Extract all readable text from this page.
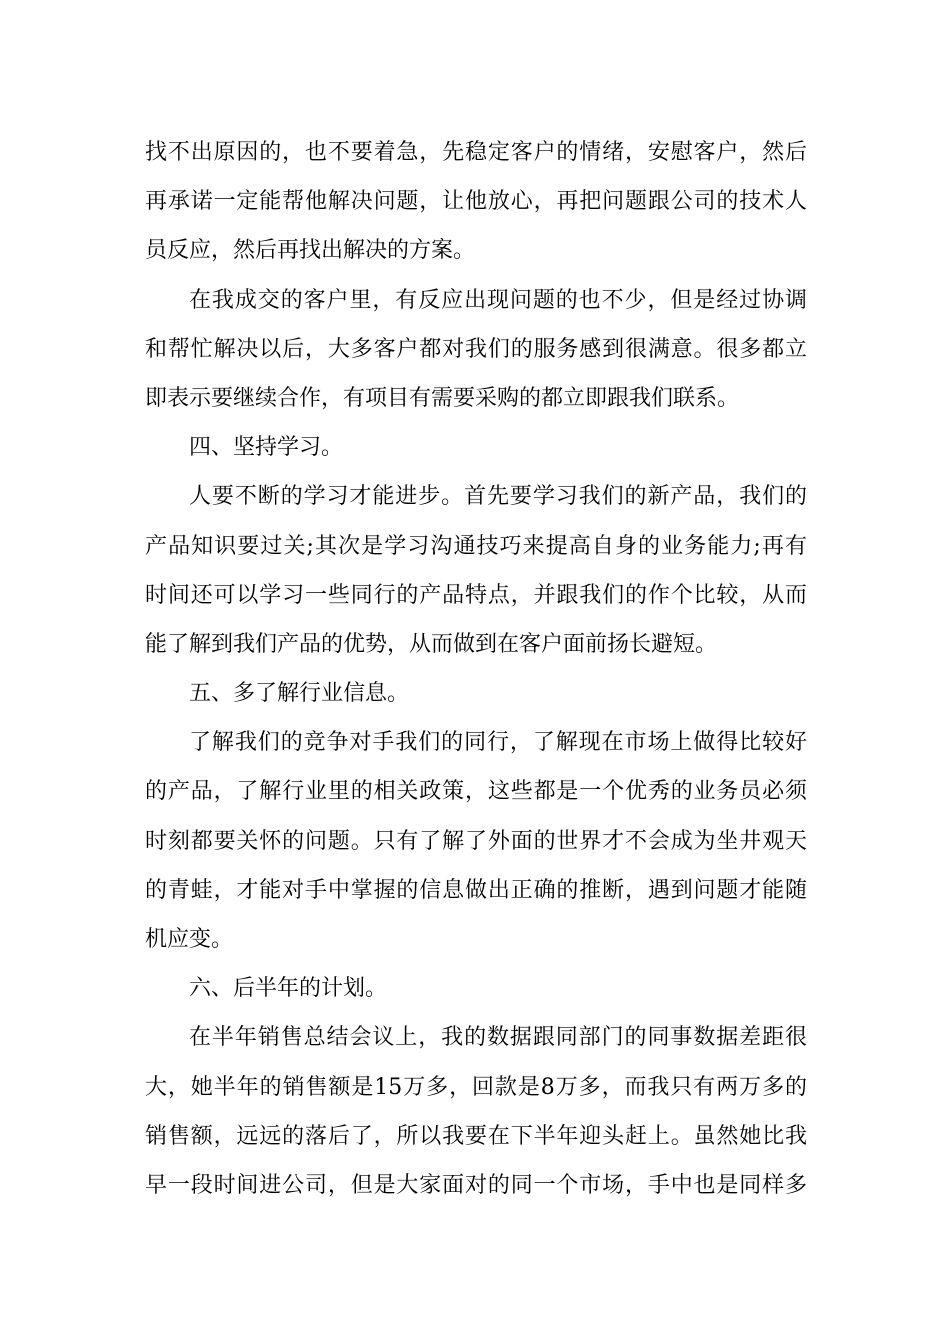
找不出原因的，也不要着急，先稳定客户的情绪，安慰客户，然后
再承诺一定能帮他解决问题，让他放心，再把问题跟公司的技术人
员反应，然后再找出解决的方案。
在我成交的客户里，有反应出现问题的也不少，但是经过协调
和帮忙解决以后，大多客户都对我们的服务感到很满意。很多都立
即表示要继续合作，有项目有需要采购的都立即跟我们联系。
四、坚持学习。
人要不断的学习才能进步。首先要学习我们的新产品，我们的
产品知识要过关;其次是学习沟通技巧来提高自身的业务能力;再有
时间还可以学习一些同行的产品特点，并跟我们的作个比较，从而
能了解到我们产品的优势，从而做到在客户面前扬长避短。
五、多了解行业信息。
了解我们的竞争对手我们的同行，了解现在市场上做得比较好
的产品，了解行业里的相关政策，这些都是一个优秀的业务员必须
时刻都要关怀的问题。只有了解了外面的世界才不会成为坐井观天
的青蛙，才能对手中掌握的信息做出正确的推断，遇到问题才能随
机应变。
六、后半年的计划。
在半年销售总结会议上，我的数据跟同部门的同事数据差距很
大，她半年的销售额是15万多，回款是8万多，而我只有两万多的
销售额，远远的落后了，所以我要在下半年迎头赶上。虽然她比我
早一段时间进公司，但是大家面对的同一个市场，手中也是同样多
